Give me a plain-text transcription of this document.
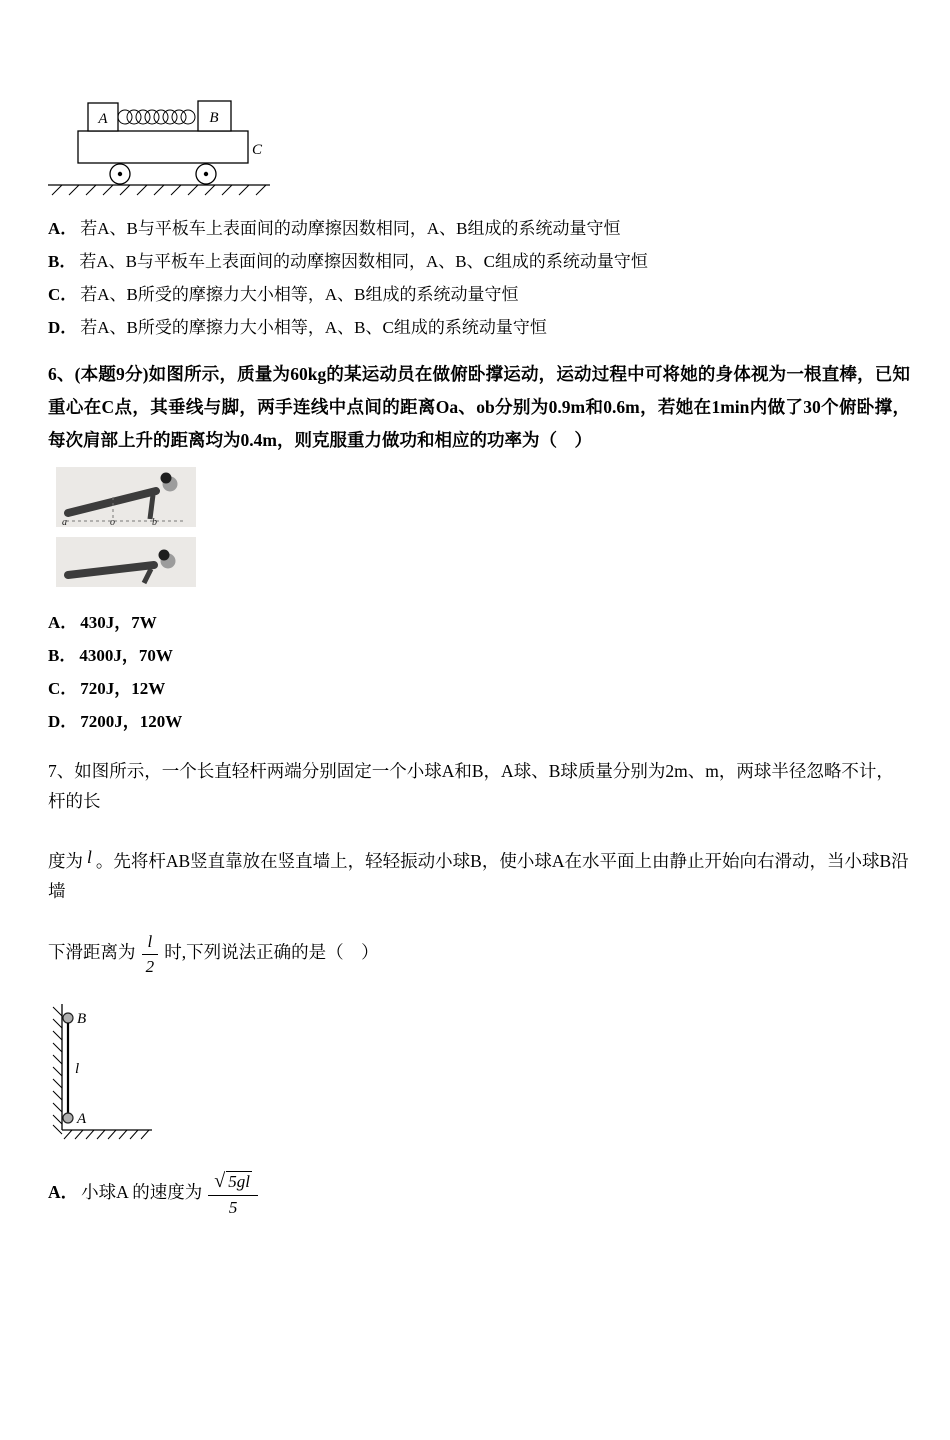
A	B
C

A． 若A、B与平板车上表面间的动摩擦因数相同，A、B组成的系统动量守恒

B． 若A、B与平板车上表面间的动摩擦因数相同，A、B、C组成的系统动量守恒

C． 若A、B所受的摩擦力大小相等，A、B组成的系统动量守恒

D． 若A、B所受的摩擦力大小相等，A、B、C组成的系统动量守恒

6、(本题9分)如图所示，质量为60kg的某运动员在做俯卧撑运动，运动过程中可将她的身体视为一根直棒，已知重心在C点，其垂线与脚，两手连线中点间的距离Oa、ob分别为0.9m和0.6m，若她在1min内做了30个俯卧撑，每次肩部上升的距离均为0.4m，则克服重力做功和相应的功率为（　）

a	o	b

A． 430J，7W

B． 4300J，70W

C． 720J，12W

D． 7200J，120W

7、如图所示，一个长直轻杆两端分别固定一个小球A和B，A球、B球质量分别为2m、m，两球半径忽略不计，杆的长

度为 l 。先将杆AB竖直靠放在竖直墙上，轻轻振动小球B，使小球A在水平面上由静止开始向右滑动，当小球B沿墙

下滑距离为 $\frac{l}{2}$ 时,下列说法正确的是（　）

B
l
A

A． 小球A 的速度为 $\frac{√ 5gl}{5}$
